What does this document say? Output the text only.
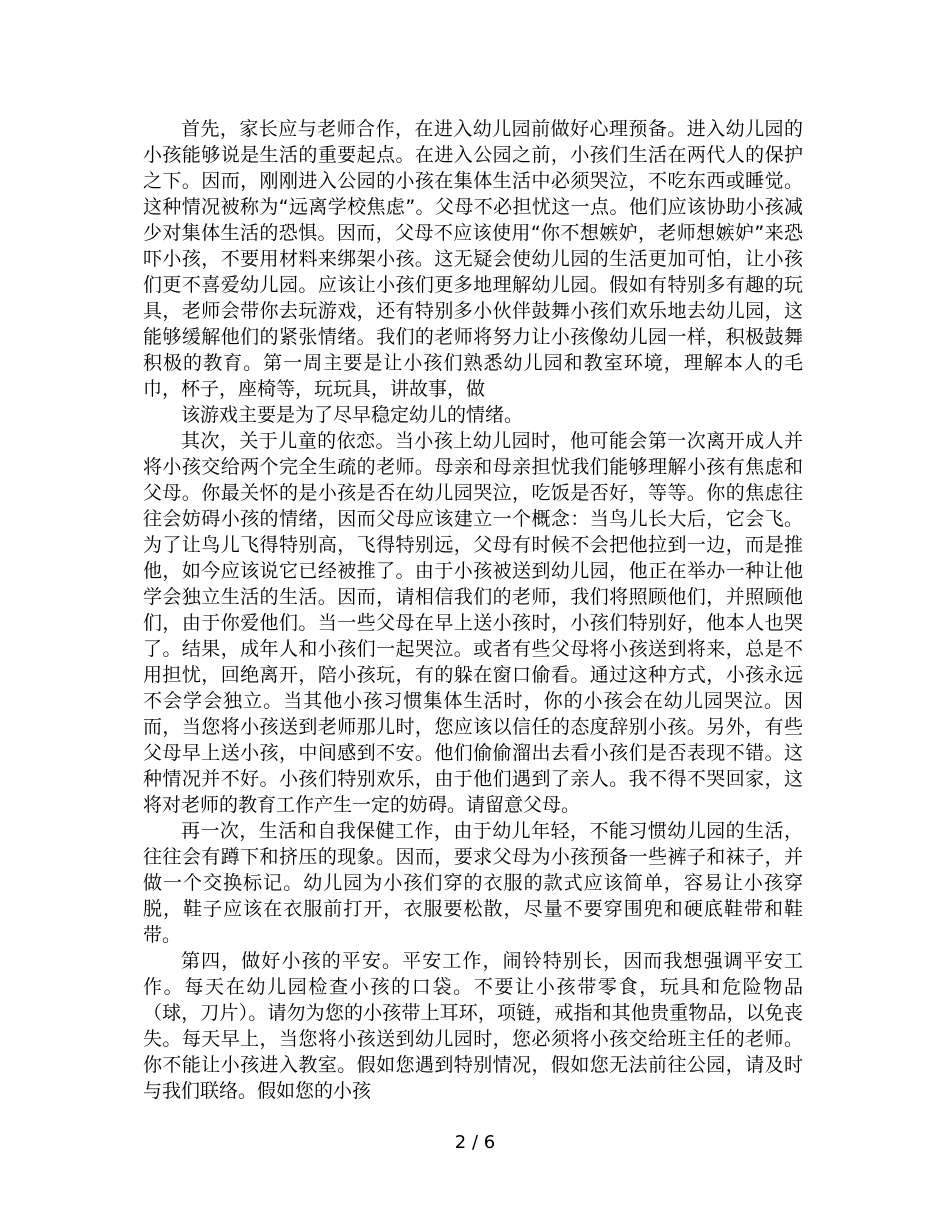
首先，家长应与老师合作，在进入幼儿园前做好心理预备。进入幼儿园的小孩能够说是生活的重要起点。在进入公园之前，小孩们生活在两代人的保护之下。因而，刚刚进入公园的小孩在集体生活中必须哭泣，不吃东西或睡觉。这种情况被称为“远离学校焦虑”。父母不必担忧这一点。他们应该协助小孩减少对集体生活的恐惧。因而，父母不应该使用“你不想嫉妒，老师想嫉妒”来恐吓小孩，不要用材料来绑架小孩。这无疑会使幼儿园的生活更加可怕，让小孩们更不喜爱幼儿园。应该让小孩们更多地理解幼儿园。假如有特别多有趣的玩具，老师会带你去玩游戏，还有特别多小伙伴鼓舞小孩们欢乐地去幼儿园，这能够缓解他们的紧张情绪。我们的老师将努力让小孩像幼儿园一样，积极鼓舞积极的教育。第一周主要是让小孩们熟悉幼儿园和教室环境，理解本人的毛巾，杯子，座椅等，玩玩具，讲故事，做

该游戏主要是为了尽早稳定幼儿的情绪。

其次，关于儿童的依恋。当小孩上幼儿园时，他可能会第一次离开成人并将小孩交给两个完全生疏的老师。母亲和母亲担忧我们能够理解小孩有焦虑和父母。你最关怀的是小孩是否在幼儿园哭泣，吃饭是否好，等等。你的焦虑往往会妨碍小孩的情绪，因而父母应该建立一个概念：当鸟儿长大后，它会飞。为了让鸟儿飞得特别高，飞得特别远，父母有时候不会把他拉到一边，而是推他，如今应该说它已经被推了。由于小孩被送到幼儿园，他正在举办一种让他学会独立生活的生活。因而，请相信我们的老师，我们将照顾他们，并照顾他们，由于你爱他们。当一些父母在早上送小孩时，小孩们特别好，他本人也哭了。结果，成年人和小孩们一起哭泣。或者有些父母将小孩送到将来，总是不用担忧，回绝离开，陪小孩玩，有的躲在窗口偷看。通过这种方式，小孩永远不会学会独立。当其他小孩习惯集体生活时，你的小孩会在幼儿园哭泣。因而，当您将小孩送到老师那儿时，您应该以信任的态度辞别小孩。另外，有些父母早上送小孩，中间感到不安。他们偷偷溜出去看小孩们是否表现不错。这种情况并不好。小孩们特别欢乐，由于他们遇到了亲人。我不得不哭回家，这将对老师的教育工作产生一定的妨碍。请留意父母。

再一次，生活和自我保健工作，由于幼儿年轻，不能习惯幼儿园的生活，往往会有蹲下和挤压的现象。因而，要求父母为小孩预备一些裤子和袜子，并做一个交换标记。幼儿园为小孩们穿的衣服的款式应该简单，容易让小孩穿脱，鞋子应该在衣服前打开，衣服要松散，尽量不要穿围兜和硬底鞋带和鞋带。

第四，做好小孩的平安。平安工作，闹铃特别长，因而我想强调平安工作。每天在幼儿园检查小孩的口袋。不要让小孩带零食，玩具和危险物品（球，刀片）。请勿为您的小孩带上耳环，项链，戒指和其他贵重物品，以免丧失。每天早上，当您将小孩送到幼儿园时，您必须将小孩交给班主任的老师。你不能让小孩进入教室。假如您遇到特别情况，假如您无法前往公园，请及时与我们联络。假如您的小孩

2 / 6
